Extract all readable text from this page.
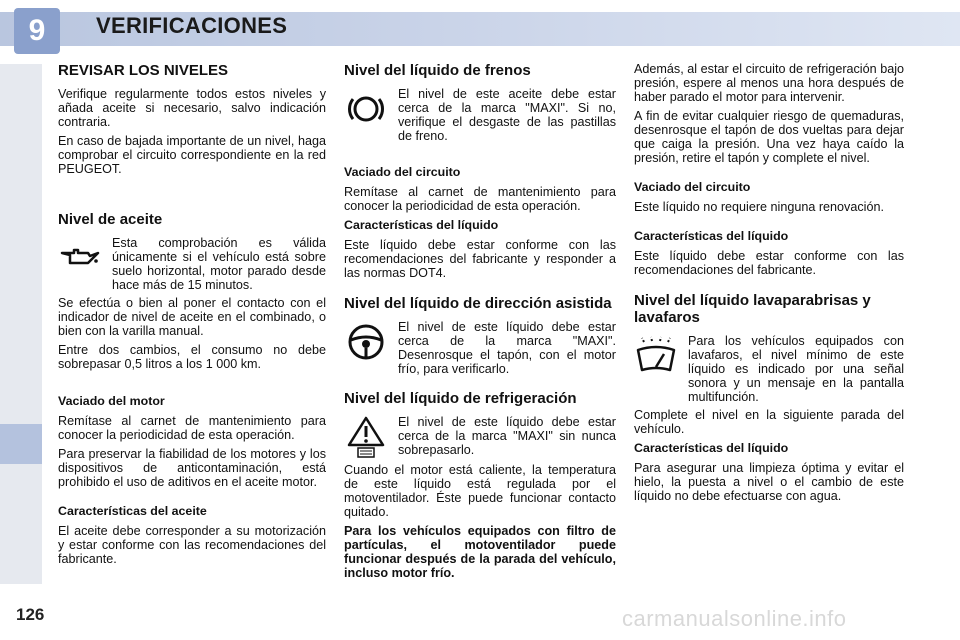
9	VERIFICACIONES
REVISAR LOS NIVELES

Verifique regularmente todos estos niveles y añada aceite si necesario, salvo indicación contraria.

En caso de bajada importante de un nivel, haga comprobar el circuito correspondiente en la red PEUGEOT.

Nivel de aceite

Esta comprobación es válida únicamente si el vehículo está sobre suelo horizontal, motor parado desde hace más de 15 minutos.

Se efectúa o bien al poner el contacto con el indicador de nivel de aceite en el combinado, o bien con la varilla manual.

Entre dos cambios, el consumo no debe sobrepasar 0,5 litros a los 1 000 km.

Vaciado del motor

Remítase al carnet de mantenimiento para conocer la periodicidad de esta operación.

Para preservar la fiabilidad de los motores y los dispositivos de anticontaminación, está prohibido el uso de aditivos en el aceite motor.

Características del aceite

El aceite debe corresponder a su motorización y estar conforme con las recomendaciones del fabricante.

Nivel del líquido de frenos

El nivel de este aceite debe estar cerca de la marca "MAXI". Si no, verifique el desgaste de las pastillas de freno.

Vaciado del circuito

Remítase al carnet de mantenimiento para conocer la periodicidad de esta operación.

Características del líquido

Este líquido debe estar conforme con las recomendaciones del fabricante y responder a las normas DOT4.

Nivel del líquido de dirección asistida

El nivel de este líquido debe estar cerca de la marca "MAXI". Desenrosque el tapón, con el motor frío, para verificarlo.

Nivel del líquido de refrigeración

El nivel de este líquido debe estar cerca de la marca "MAXI" sin nunca sobrepasarlo.

Cuando el motor está caliente, la temperatura de este líquido está regulada por el motoventilador. Éste puede funcionar contacto quitado.

Para los vehículos equipados con filtro de partículas, el motoventilador puede funcionar después de la parada del vehículo, incluso motor frío.

Además, al estar el circuito de refrigeración bajo presión, espere al menos una hora después de haber parado el motor para intervenir.

A fin de evitar cualquier riesgo de quemaduras, desenrosque el tapón de dos vueltas para dejar que caiga la presión. Una vez haya caído la presión, retire el tapón y complete el nivel.

Vaciado del circuito

Este líquido no requiere ninguna renovación.

Características del líquido

Este líquido debe estar conforme con las recomendaciones del fabricante.

Nivel del líquido lavaparabrisas y lavafaros

Para los vehículos equipados con lavafaros, el nivel mínimo de este líquido es indicado por una señal sonora y un mensaje en la pantalla multifunción.

Complete el nivel en la siguiente parada del vehículo.

Características del líquido

Para asegurar una limpieza óptima y evitar el hielo, la puesta a nivel o el cambio de este líquido no debe efectuarse con agua.

126	carmanualsonline.info
